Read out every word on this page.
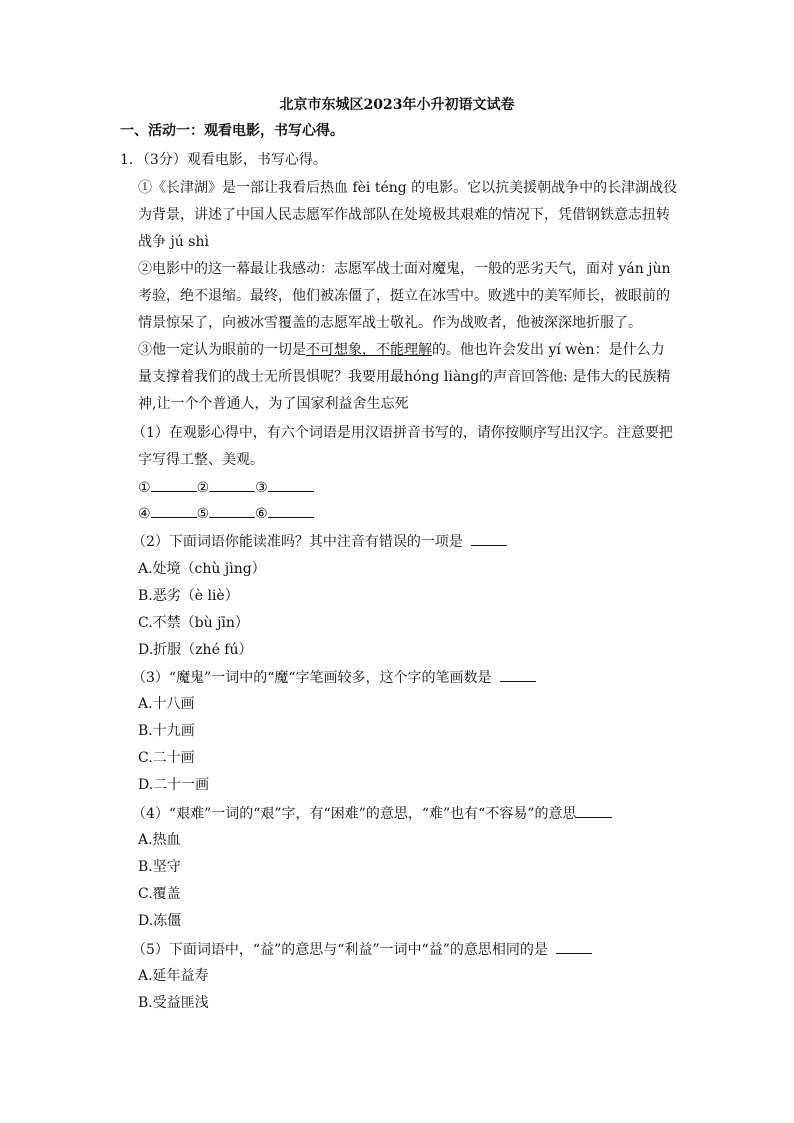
北京市东城区2023年小升初语文试卷
一、活动一：观看电影，书写心得。
1．（3分）观看电影，书写心得。
①《长津湖》是一部让我看后热血 fèi téng 的电影。它以抗美援朝战争中的长津湖战役
为背景，讲述了中国人民志愿军作战部队在处境极其艰难的情况下，凭借钢铁意志扭转
战争 jú shì
②电影中的这一幕最让我感动：志愿军战士面对魔鬼，一般的恶劣天气，面对 yán jùn
考验，绝不退缩。最终，他们被冻僵了，挺立在冰雪中。败逃中的美军师长，被眼前的
情景惊呆了，向被冰雪覆盖的志愿军战士敬礼。作为战败者，他被深深地折服了。
③他一定认为眼前的一切是不可想象，不能理解的。他也许会发出 yí wèn：是什么力
量支撑着我们的战士无所畏惧呢？我要用最hóng liàng的声音回答他: 是伟大的民族精
神,让一个个普通人，为了国家利益舍生忘死
（1）在观影心得中，有六个词语是用汉语拼音书写的，请你按顺序写出汉字。注意要把
字写得工整、美观。
①	②	③
④	⑤	⑥
（2）下面词语你能读准吗？其中注音有错误的一项是
A.处境（chù jìng）
B.恶劣（è liè）
C.不禁（bù jīn）
D.折服（zhé fú）
（3）“魔鬼”一词中的“魔“字笔画较多，这个字的笔画数是
A.十八画
B.十九画
C.二十画
D.二十一画
（4）“艰难”一词的“艰”字，有“困难”的意思，“难”也有“不容易”的意思
A.热血
B.坚守
C.覆盖
D.冻僵
（5）下面词语中，“益”的意思与“利益”一词中“益”的意思相同的是
A.延年益寿
B.受益匪浅
